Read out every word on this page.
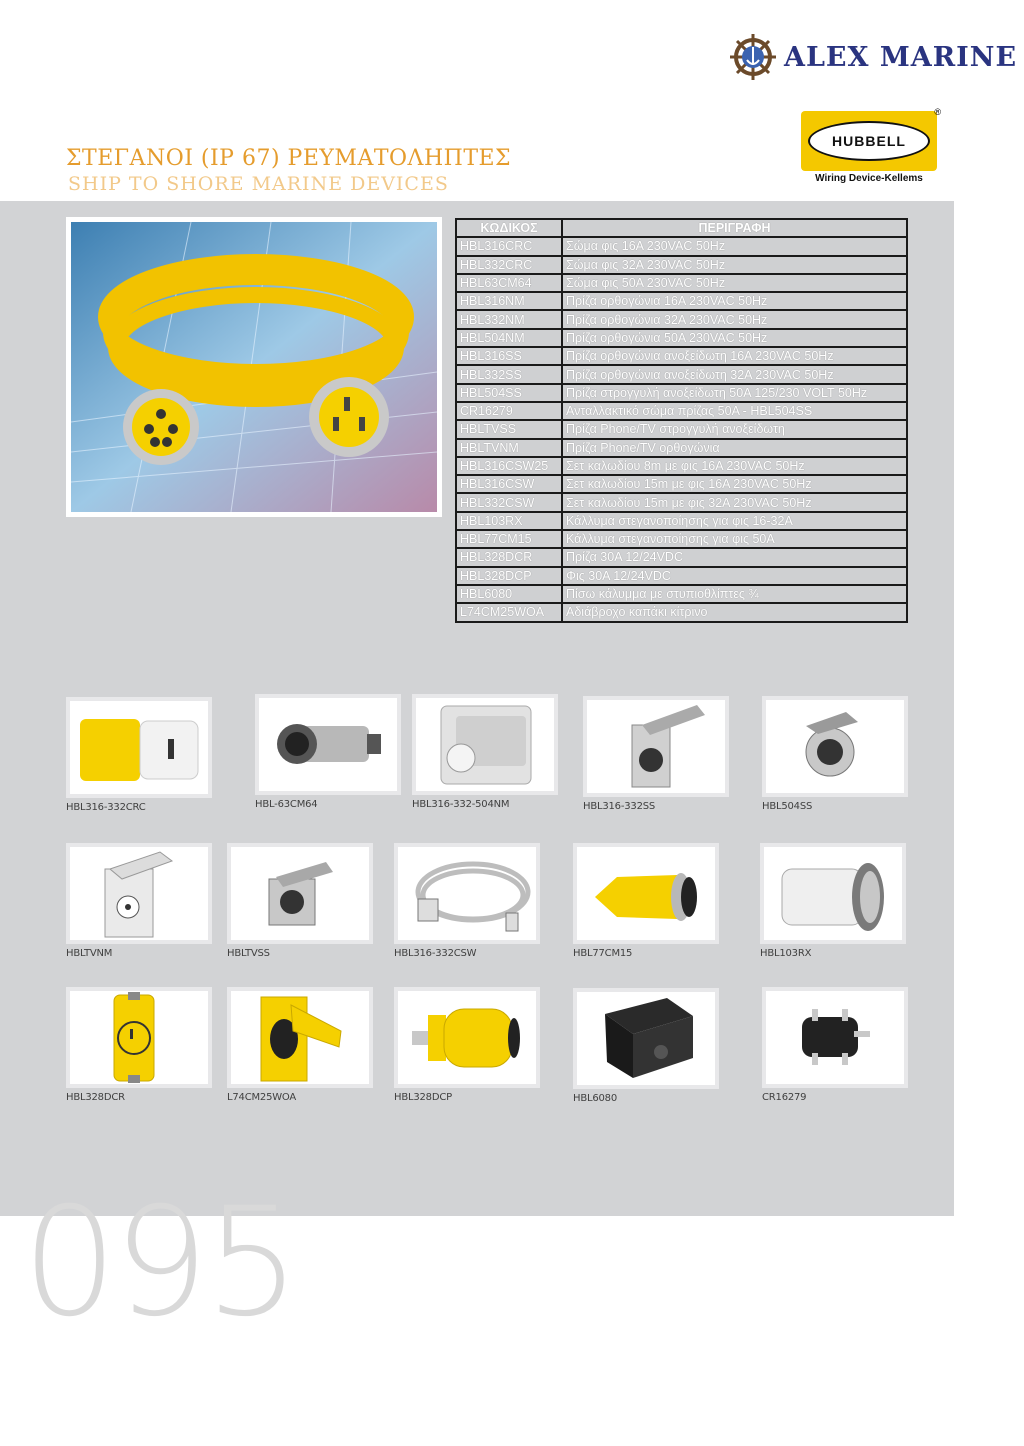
ALEX MARINE
HUBBELL
Wiring Device-Kellems
®
ΣΤΕΓΑΝΟΙ (IP 67) ΡΕΥΜΑΤΟΛΗΠΤΕΣ
SHIP TO SHORE MARINE DEVICES
ΚΩΔΙΚΟΣ	ΠΕΡΙΓΡΑΦΗ
HBL316CRC	Σώμα φις 16Α 230VAC 50Hz
HBL332CRC	Σώμα φις 32Α 230VAC 50Hz
HBL63CM64	Σώμα φις 50Α 230VAC 50Hz
HBL316NM	Πρίζα ορθογώνια 16Α 230VAC 50Hz
HBL332NM	Πρίζα ορθογώνια 32Α 230VAC 50Hz
HBL504NM	Πρίζα ορθογώνια 50Α 230VAC 50Hz
HBL316SS	Πρίζα ορθογώνια ανοξείδωτη 16Α 230VAC 50Hz
HBL332SS	Πρίζα ορθογώνια ανοξείδωτη 32Α 230VAC 50Hz
HBL504SS	Πρίζα στρογγυλή ανοξείδωτη 50Α 125/230 VOLT 50Hz
CR16279	Ανταλλακτικό σώμα πρίζας 50Α - HBL504SS
HBLTVSS	Πρίζα Phone/TV στρογγυλή ανοξείδωτη
HBLTVNM	Πρίζα Phone/TV ορθογώνια
HBL316CSW25	Σετ καλωδίου 8m με φις 16Α 230VAC 50Hz
HBL316CSW	Σετ καλωδίου 15m με φις 16Α 230VAC 50Hz
HBL332CSW	Σετ καλωδίου 15m με φις 32Α 230VAC 50Hz
HBL103RX	Κάλλυμα στεγανοποίησης για φις 16-32Α
HBL77CM15	Κάλλυμα στεγανοποίησης για φις 50Α
HBL328DCR	Πρίζα 30Α 12/24VDC
HBL328DCP	Φις 30Α 12/24VDC
HBL6080	Πίσω κάλυμμα με στυπιοθλίπτες ¾
L74CM25WOA	Αδιάβροχο καπάκι κίτρινο
HBL316-332CRC	HBL-63CM64	HBL316-332-504NM	HBL316-332SS	HBL504SS
HBLTVNM	HBLTVSS	HBL316-332CSW	HBL77CM15	HBL103RX
HBL328DCR	L74CM25WOA	HBL328DCP	HBL6080	CR16279
095
